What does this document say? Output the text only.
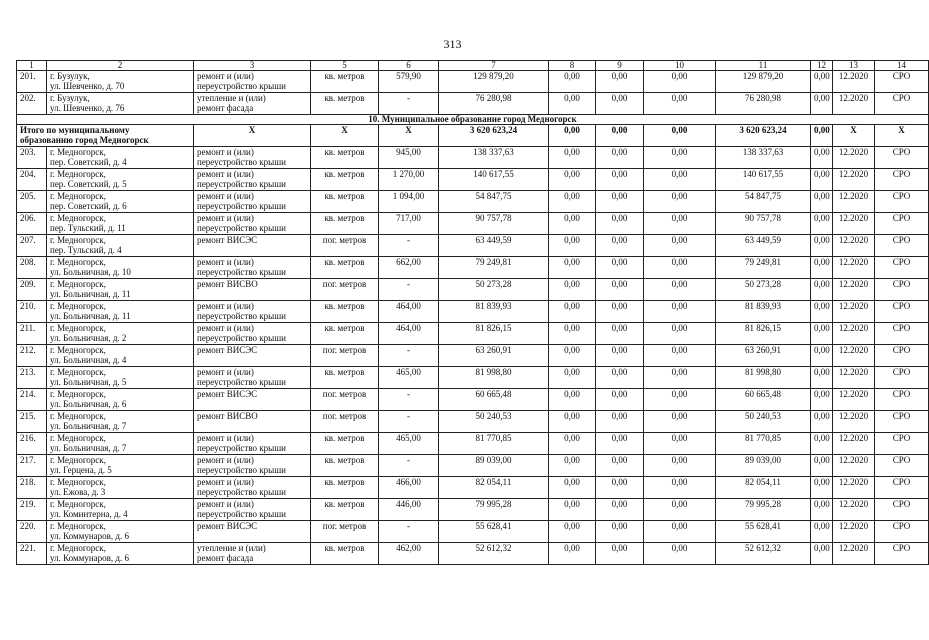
313
1	2	3	5	6	7	8	9	10	11	12	13	14
201.	г. Бузулук,
ул. Шевченко, д. 70	ремонт и (или)
переустройство крыши	кв. метров	579,90	129 879,20	0,00	0,00	0,00	129 879,20	0,00	12.2020	СРО
202.	г. Бузулук,
ул. Шевченко, д. 76	утепление и (или)
ремонт фасада	кв. метров	-	76 280,98	0,00	0,00	0,00	76 280,98	0,00	12.2020	СРО
10. Муниципальное образование город Медногорск												

Итого по муниципальному
образованию город Медногорск		X	X	X	3 620 623,24	0,00	0,00	0,00	3 620 623,24	0,00	X	X
203.	г. Медногорск,
пер. Советский, д. 4	ремонт и (или)
переустройство крыши	кв. метров	945,00	138 337,63	0,00	0,00	0,00	138 337,63	0,00	12.2020	СРО
204.	г. Медногорск,
пер. Советский, д. 5	ремонт и (или)
переустройство крыши	кв. метров	1 270,00	140 617,55	0,00	0,00	0,00	140 617,55	0,00	12.2020	СРО
205.	г. Медногорск,
пер. Советский, д. 6	ремонт и (или)
переустройство крыши	кв. метров	1 094,00	54 847,75	0,00	0,00	0,00	54 847,75	0,00	12.2020	СРО
206.	г. Медногорск,
пер. Тульский, д. 11	ремонт и (или)
переустройство крыши	кв. метров	717,00	90 757,78	0,00	0,00	0,00	90 757,78	0,00	12.2020	СРО
207.	г. Медногорск,
пер. Тульский, д. 4	ремонт ВИСЭС	пог. метров	-	63 449,59	0,00	0,00	0,00	63 449,59	0,00	12.2020	СРО
208.	г. Медногорск,
ул. Больничная, д. 10	ремонт и (или)
переустройство крыши	кв. метров	662,00	79 249,81	0,00	0,00	0,00	79 249,81	0,00	12.2020	СРО
209.	г. Медногорск,
ул. Больничная, д. 11	ремонт ВИСВО	пог. метров	-	50 273,28	0,00	0,00	0,00	50 273,28	0,00	12.2020	СРО
210.	г. Медногорск,
ул. Больничная, д. 11	ремонт и (или)
переустройство крыши	кв. метров	464,00	81 839,93	0,00	0,00	0,00	81 839,93	0,00	12.2020	СРО
211.	г. Медногорск,
ул. Больничная, д. 2	ремонт и (или)
переустройство крыши	кв. метров	464,00	81 826,15	0,00	0,00	0,00	81 826,15	0,00	12.2020	СРО
212.	г. Медногорск,
ул. Больничная, д. 4	ремонт ВИСЭС	пог. метров	-	63 260,91	0,00	0,00	0,00	63 260,91	0,00	12.2020	СРО
213.	г. Медногорск,
ул. Больничная, д. 5	ремонт и (или)
переустройство крыши	кв. метров	465,00	81 998,80	0,00	0,00	0,00	81 998,80	0,00	12.2020	СРО
214.	г. Медногорск,
ул. Больничная, д. 6	ремонт ВИСЭС	пог. метров	-	60 665,48	0,00	0,00	0,00	60 665,48	0,00	12.2020	СРО
215.	г. Медногорск,
ул. Больничная, д. 7	ремонт ВИСВО	пог. метров	-	50 240,53	0,00	0,00	0,00	50 240,53	0,00	12.2020	СРО
216.	г. Медногорск,
ул. Больничная, д. 7	ремонт и (или)
переустройство крыши	кв. метров	465,00	81 770,85	0,00	0,00	0,00	81 770,85	0,00	12.2020	СРО
217.	г. Медногорск,
ул. Герцена, д. 5	ремонт и (или)
переустройство крыши	кв. метров	-	89 039,00	0,00	0,00	0,00	89 039,00	0,00	12.2020	СРО
218.	г. Медногорск,
ул. Ежова, д. 3	ремонт и (или)
переустройство крыши	кв. метров	466,00	82 054,11	0,00	0,00	0,00	82 054,11	0,00	12.2020	СРО
219.	г. Медногорск,
ул. Коминтерна, д. 4	ремонт и (или)
переустройство крыши	кв. метров	446,00	79 995,28	0,00	0,00	0,00	79 995,28	0,00	12.2020	СРО
220.	г. Медногорск,
ул. Коммунаров, д. 6	ремонт ВИСЭС	пог. метров	-	55 628,41	0,00	0,00	0,00	55 628,41	0,00	12.2020	СРО
221.	г. Медногорск,
ул. Коммунаров, д. 6	утепление и (или)
ремонт фасада	кв. метров	462,00	52 612,32	0,00	0,00	0,00	52 612,32	0,00	12.2020	СРО
